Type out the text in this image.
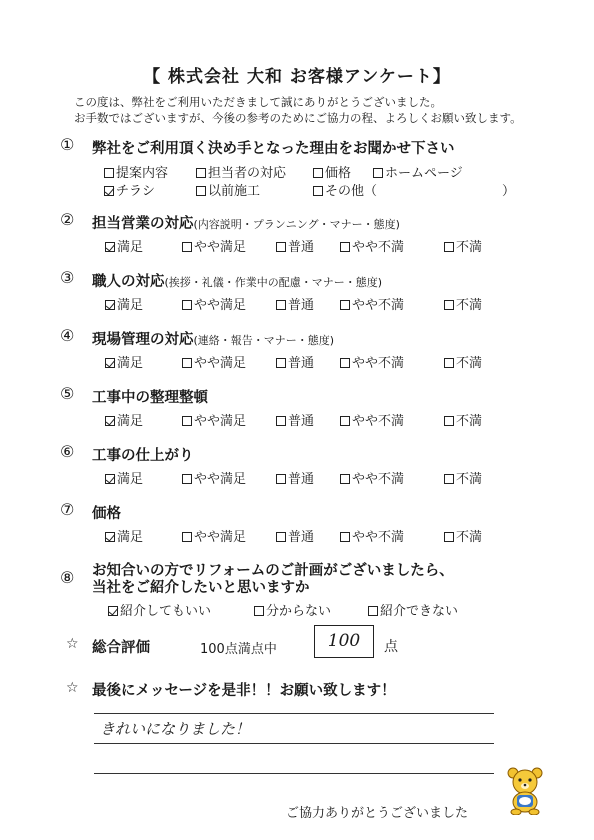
【 株式会社 大和 お客様アンケート】
この度は、弊社をご利用いただきまして誠にありがとうございました。
お手数ではございますが、今後の参考のためにご協力の程、よろしくお願い致します。
① 弊社をご利用頂く決め手となった理由をお聞かせ下さい
提案内容	担当者の対応	価格	ホームページ
チラシ	以前施工	その他（	）
② 担当営業の対応(内容説明・プランニング・マナー・態度)
満足	やや満足	普通	やや不満	不満
③ 職人の対応(挨拶・礼儀・作業中の配慮・マナー・態度)
満足	やや満足	普通	やや不満	不満
④ 現場管理の対応(連絡・報告・マナー・態度)
満足	やや満足	普通	やや不満	不満
⑤ 工事中の整理整頓
満足	やや満足	普通	やや不満	不満
⑥ 工事の仕上がり
満足	やや満足	普通	やや不満	不満
⑦ 価格
満足	やや満足	普通	やや不満	不満
⑧ お知合いの方でリフォームのご計画がございましたら、
当社をご紹介したいと思いますか
紹介してもいい	分からない	紹介できない
☆ 総合評価	100点満点中	100	点
☆ 最後にメッセージを是非！！お願い致します！
きれいになりました！
ご協力ありがとうございました
